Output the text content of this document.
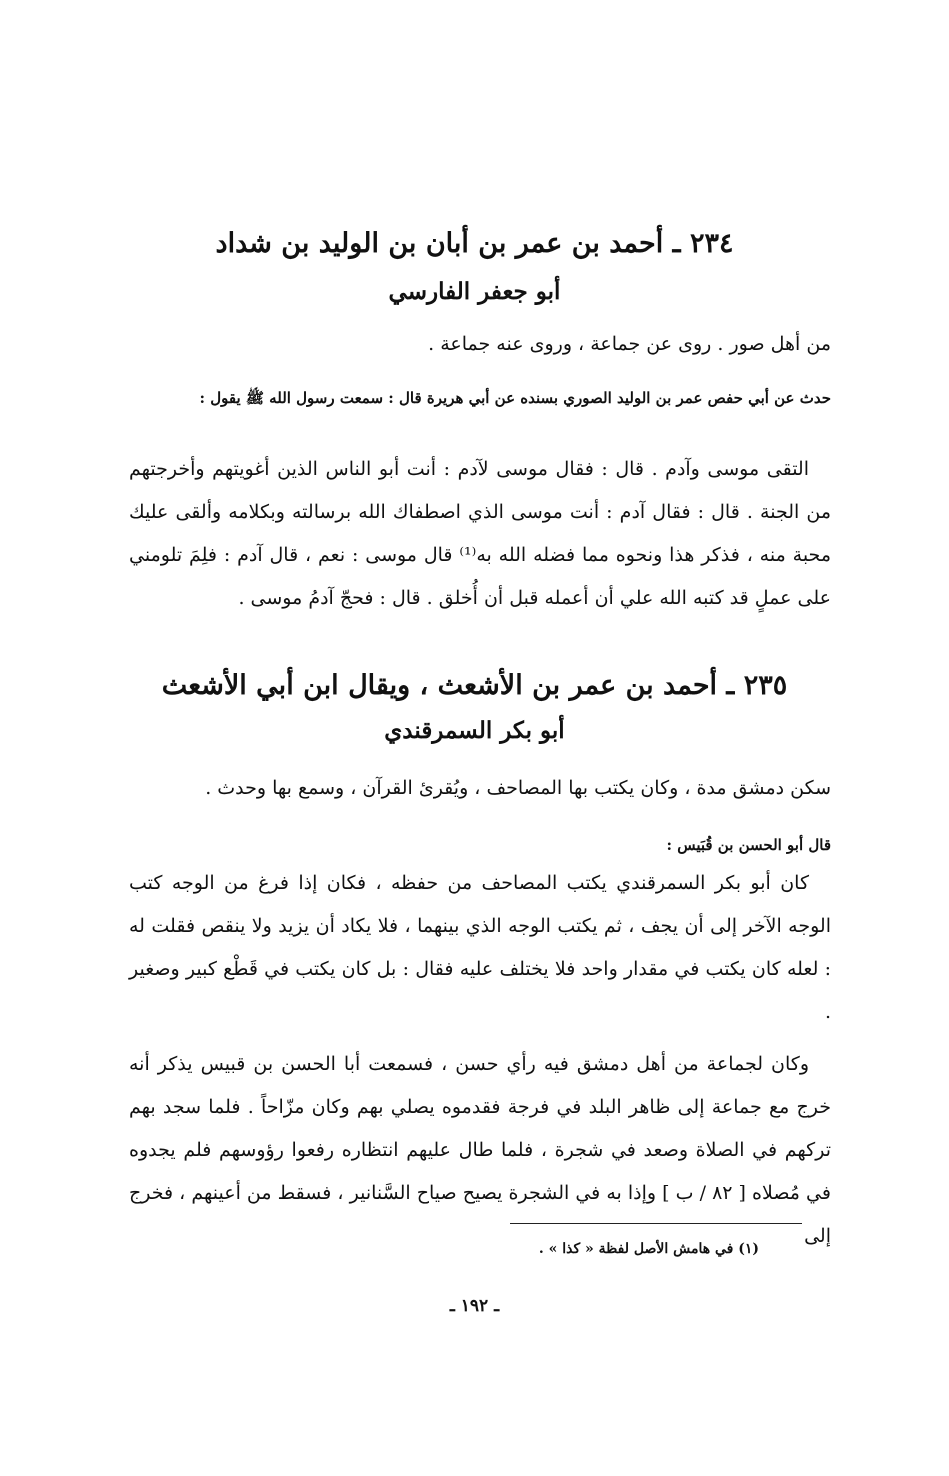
٢٣٤ ـ أحمد بن عمر بن أبان بن الوليد بن شداد
أبو جعفر الفارسي

من أهل صور . روى عن جماعة ، وروى عنه جماعة .

حدث عن أبي حفص عمر بن الوليد الصوري بسنده عن أبي هريرة قال : سمعت رسول الله ﷺ يقول :

التقى موسى وآدم . قال : فقال موسى لآدم : أنت أبو الناس الذين أغويتهم وأخرجتهم من الجنة . قال : فقال آدم : أنت موسى الذي اصطفاك الله برسالته وبكلامه وألقى عليك محبة منه ، فذكر هذا ونحوه مما فضله الله به⁽¹⁾ قال موسى : نعم ، قال آدم : فلِمَ تلومني على عملٍ قد كتبه الله علي أن أعمله قبل أن أُخلق . قال : فحجّ آدمُ موسى .

٢٣٥ ـ أحمد بن عمر بن الأشعث ، ويقال ابن أبي الأشعث
أبو بكر السمرقندي

سكن دمشق مدة ، وكان يكتب بها المصاحف ، ويُقرئ القرآن ، وسمع بها وحدث .

قال أبو الحسن بن قُبَيس :

كان أبو بكر السمرقندي يكتب المصاحف من حفظه ، فكان إذا فرغ من الوجه كتب الوجه الآخر إلى أن يجف ، ثم يكتب الوجه الذي بينهما ، فلا يكاد أن يزيد ولا ينقص فقلت له : لعله كان يكتب في مقدار واحد فلا يختلف عليه فقال : بل كان يكتب في قَطْع كبير وصغير .

وكان لجماعة من أهل دمشق فيه رأي حسن ، فسمعت أبا الحسن بن قبيس يذكر أنه خرج مع جماعة إلى ظاهر البلد في فرجة فقدموه يصلي بهم وكان مزّاحاً . فلما سجد بهم تركهم في الصلاة وصعد في شجرة ، فلما طال عليهم انتظاره رفعوا رؤوسهم فلم يجدوه في مُصلاه [ ٨٢ / ب ] وإذا به في الشجرة يصيح صياح السَّنانير ، فسقط من أعينهم ، فخرج إلى

(١) في هامش الأصل لفظة « كذا » .

ـ ١٩٢ ـ
